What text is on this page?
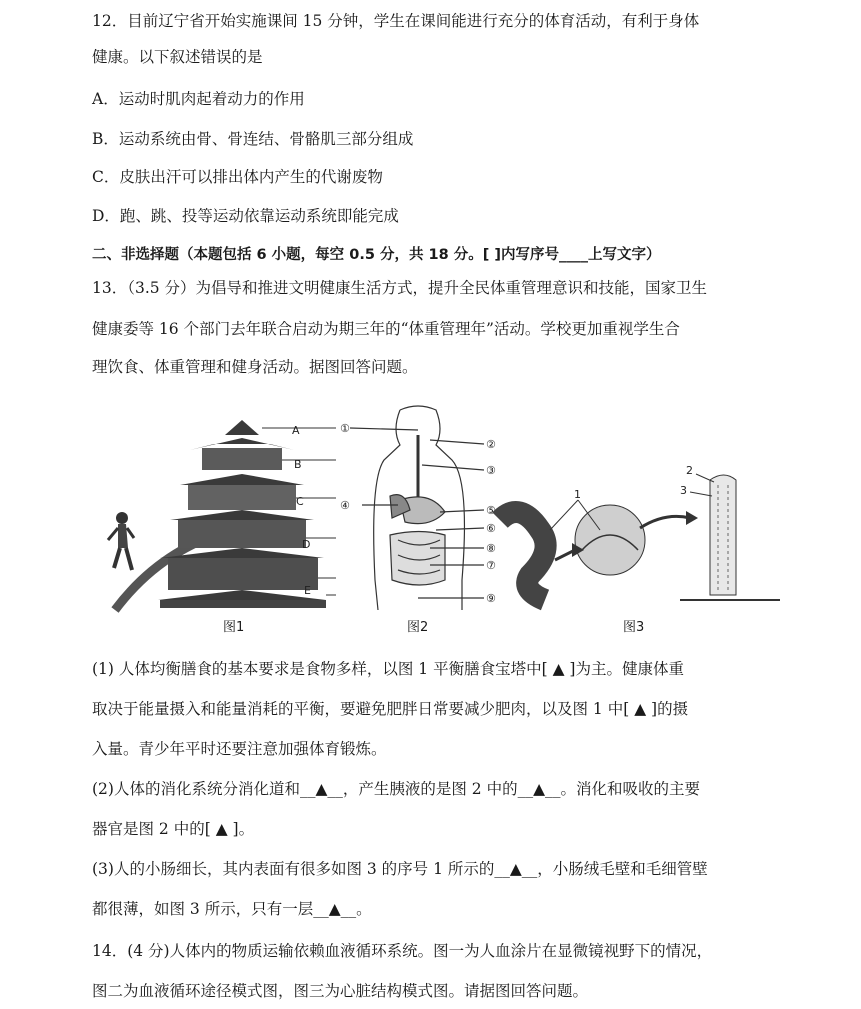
12．目前辽宁省开始实施课间 15 分钟，学生在课间能进行充分的体育活动，有利于身体
健康。以下叙述错误的是
A．运动时肌肉起着动力的作用
B．运动系统由骨、骨连结、骨骼肌三部分组成
C．皮肤出汗可以排出体内产生的代谢废物
D．跑、跳、投等运动依靠运动系统即能完成
二、非选择题（本题包括 6 小题，每空 0.5 分，共 18 分。[ ]内写序号____上写文字）
13．（3.5 分）为倡导和推进文明健康生活方式，提升全民体重管理意识和技能，国家卫生
健康委等 16 个部门去年联合启动为期三年的“体重管理年”活动。学校更加重视学生合
理饮食、体重管理和健身活动。据图回答问题。
A
B
C
D
E
①
②
③
④	⑤
⑥
⑧
⑦
⑨
1
2
3
图1	图2	图3
(1) 人体均衡膳食的基本要求是食物多样，以图 1 平衡膳食宝塔中[ ▲ ]为主。健康体重
取决于能量摄入和能量消耗的平衡，要避免肥胖日常要减少肥肉，以及图 1 中[ ▲ ]的摄
入量。青少年平时还要注意加强体育锻炼。
(2)人体的消化系统分消化道和__▲__，产生胰液的是图 2 中的__▲__。消化和吸收的主要
器官是图 2 中的[ ▲ ]。
(3)人的小肠细长，其内表面有很多如图 3 的序号 1 所示的__▲__，小肠绒毛壁和毛细管壁
都很薄，如图 3 所示，只有一层__▲__。
14．(4 分)人体内的物质运输依赖血液循环系统。图一为人血涂片在显微镜视野下的情况，
图二为血液循环途径模式图，图三为心脏结构模式图。请据图回答问题。
